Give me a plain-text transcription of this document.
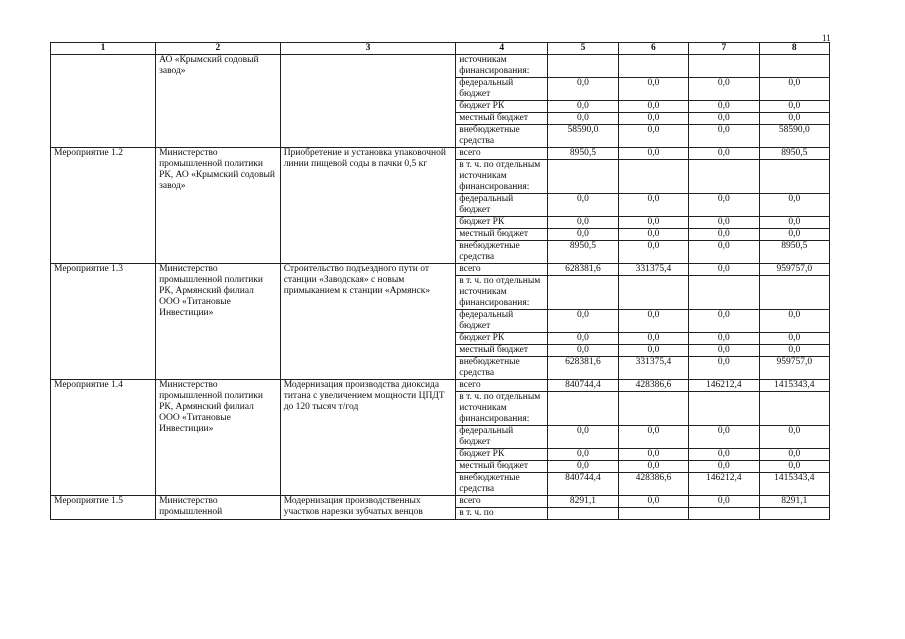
11
1	2	3	4	5	6	7	8
	АО «Крымский содовый завод»		источникам финансирования:				
			федеральный бюджет	0,0	0,0	0,0	0,0
			бюджет РК	0,0	0,0	0,0	0,0
			местный бюджет	0,0	0,0	0,0	0,0
			внебюджетные средства	58590,0	0,0	0,0	58590,0
Мероприятие 1.2	Министерство промышленной политики РК, АО «Крымский содовый завод»	Приобретение и установка упаковочной линии пищевой соды в пачки 0,5 кг	всего	8950,5	0,0	0,0	8950,5
			в т. ч. по отдельным источникам финансирования:				
			федеральный бюджет	0,0	0,0	0,0	0,0
			бюджет РК	0,0	0,0	0,0	0,0
			местный бюджет	0,0	0,0	0,0	0,0
			внебюджетные средства	8950,5	0,0	0,0	8950,5
Мероприятие 1.3	Министерство промышленной политики РК, Армянский филиал ООО «Титановые Инвестиции»	Строительство подъездного пути от станции «Заводская» с новым примыканием к станции «Армянск»	всего	628381,6	331375,4	0,0	959757,0
			в т. ч. по отдельным источникам финансирования:				
			федеральный бюджет	0,0	0,0	0,0	0,0
			бюджет РК	0,0	0,0	0,0	0,0
			местный бюджет	0,0	0,0	0,0	0,0
			внебюджетные средства	628381,6	331375,4	0,0	959757,0
Мероприятие 1.4	Министерство промышленной политики РК, Армянский филиал ООО «Титановые Инвестиции»	Модернизация производства диоксида титана с увеличением мощности ЦПДТ до 120 тысяч т/год	всего	840744,4	428386,6	146212,4	1415343,4
			в т. ч. по отдельным источникам финансирования:				
			федеральный бюджет	0,0	0,0	0,0	0,0
			бюджет РК	0,0	0,0	0,0	0,0
			местный бюджет	0,0	0,0	0,0	0,0
			внебюджетные средства	840744,4	428386,6	146212,4	1415343,4
Мероприятие 1.5	Министерство промышленной	Модернизация производственных участков нарезки зубчатых венцов	всего	8291,1	0,0	0,0	8291,1
			в т. ч. по				
